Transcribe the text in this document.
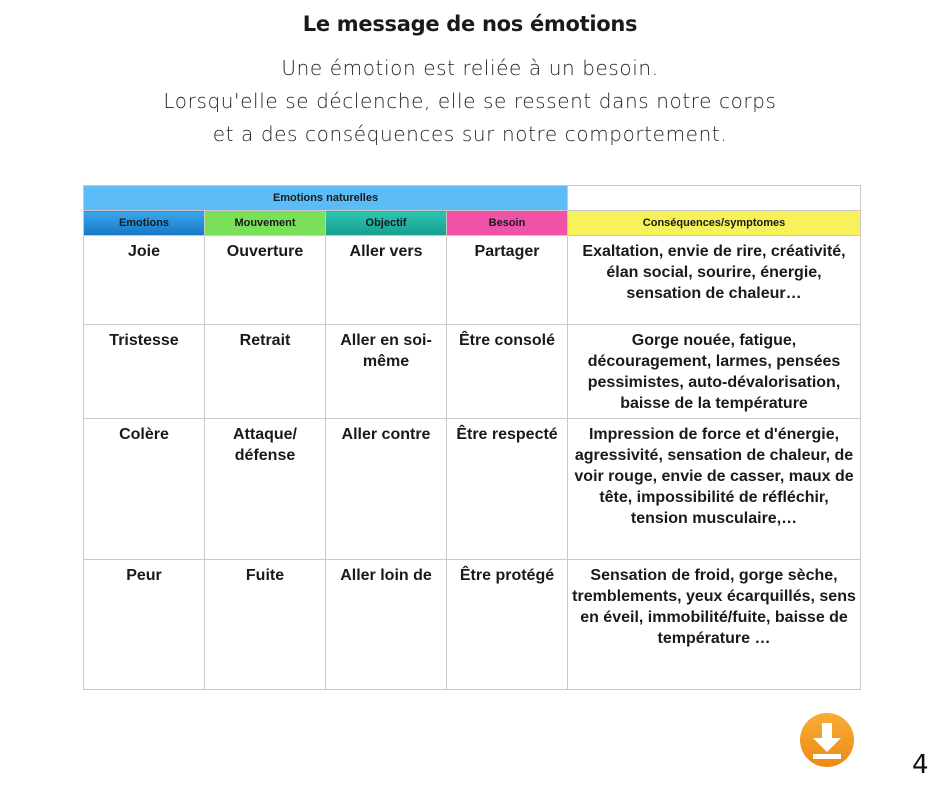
Le message de nos émotions
Une émotion est reliée à un besoin.
Lorsqu'elle se déclenche, elle se ressent dans notre corps
et a des conséquences sur notre comportement.
Emotions naturelles				
Emotions	Mouvement	Objectif	Besoin	Conséquences/symptomes
Joie	Ouverture	Aller vers	Partager	Exaltation, envie de rire, créativité, élan social, sourire, énergie, sensation de chaleur…
Tristesse	Retrait	Aller en soi-même	Être consolé	Gorge nouée, fatigue, découragement, larmes, pensées pessimistes, auto-dévalorisation, baisse de la température
Colère	Attaque/ défense	Aller contre	Être respecté	Impression de force et d'énergie, agressivité, sensation de chaleur, de voir rouge, envie de casser, maux de tête, impossibilité de réfléchir, tension musculaire,…
Peur	Fuite	Aller loin de	Être protégé	Sensation de froid, gorge sèche, tremblements, yeux écarquillés, sens en éveil, immobilité/fuite, baisse de température …
4
